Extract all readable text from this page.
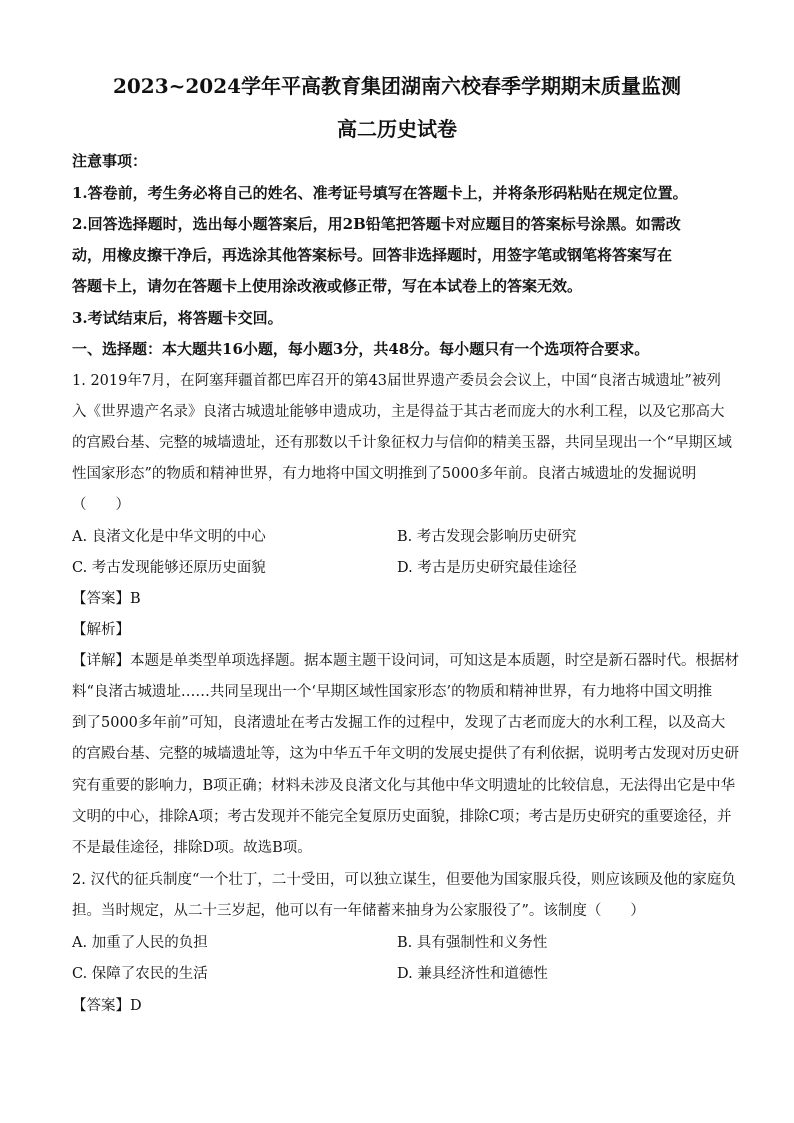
2023~2024学年平高教育集团湖南六校春季学期期末质量监测
高二历史试卷
注意事项：
1.答卷前，考生务必将自己的姓名、准考证号填写在答题卡上，并将条形码粘贴在规定位置。
2.回答选择题时，选出每小题答案后，用2B铅笔把答题卡对应题目的答案标号涂黑。如需改
动，用橡皮擦干净后，再选涂其他答案标号。回答非选择题时，用签字笔或钢笔将答案写在
答题卡上，请勿在答题卡上使用涂改液或修正带，写在本试卷上的答案无效。
3.考试结束后，将答题卡交回。
一、选择题：本大题共16小题，每小题3分，共48分。每小题只有一个选项符合要求。
1. 2019年7月，在阿塞拜疆首都巴库召开的第43届世界遗产委员会会议上，中国“良渚古城遗址”被列
入《世界遗产名录》良渚古城遗址能够申遗成功，主是得益于其古老而庞大的水利工程，以及它那高大
的宫殿台基、完整的城墙遗址，还有那数以千计象征权力与信仰的精美玉器，共同呈现出一个“早期区域
性国家形态”的物质和精神世界，有力地将中国文明推到了5000多年前。良渚古城遗址的发掘说明
（　　）
A. 良渚文化是中华文明的中心	B. 考古发现会影响历史研究
C. 考古发现能够还原历史面貌	D. 考古是历史研究最佳途径
【答案】B
【解析】
【详解】本题是单类型单项选择题。据本题主题干设问词，可知这是本质题，时空是新石器时代。根据材
料“良渚古城遗址……共同呈现出一个‘早期区域性国家形态’的物质和精神世界，有力地将中国文明推
到了5000多年前”可知，良渚遗址在考古发掘工作的过程中，发现了古老而庞大的水利工程，以及高大
的宫殿台基、完整的城墙遗址等，这为中华五千年文明的发展史提供了有利依据，说明考古发现对历史研
究有重要的影响力，B项正确；材料未涉及良渚文化与其他中华文明遗址的比较信息，无法得出它是中华
文明的中心，排除A项；考古发现并不能完全复原历史面貌，排除C项；考古是历史研究的重要途径，并
不是最佳途径，排除D项。故选B项。
2. 汉代的征兵制度“一个壮丁，二十受田，可以独立谋生，但要他为国家服兵役，则应该顾及他的家庭负
担。当时规定，从二十三岁起，他可以有一年储蓄来抽身为公家服役了”。该制度（　　）
A. 加重了人民的负担	B. 具有强制性和义务性
C. 保障了农民的生活	D. 兼具经济性和道德性
【答案】D
